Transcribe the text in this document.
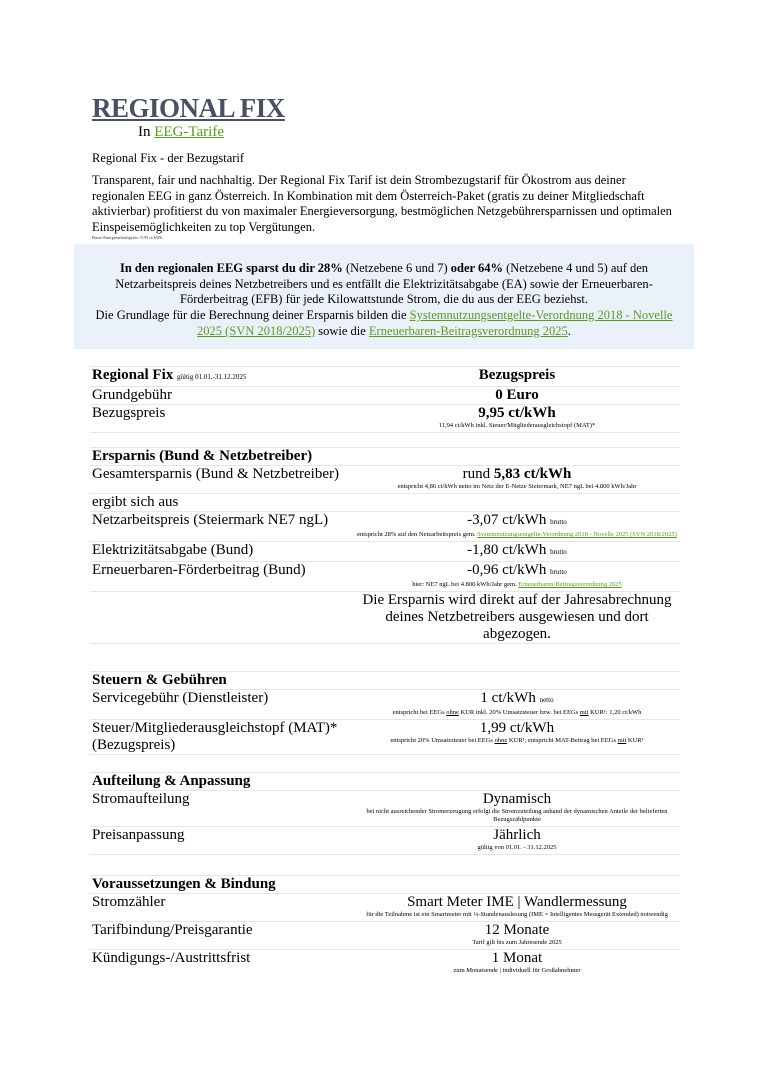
REGIONAL FIX

In EEG-Tarife

Regional Fix - der Bezugstarif

Transparent, fair und nachhaltig. Der Regional Fix Tarif ist dein Strombezugstarif für Ökostrom aus deiner regionalen EEG in ganz Österreich. In Kombination mit dem Österreich-Paket (gratis zu deiner Mitgliedschaft aktivierbar) profitierst du von maximaler Energieversorgung, bestmöglichen Netzgebührersparnissen und optimalen Einspeisemöglichkeiten zu top Vergütungen.

Basis-Energiearbeitspreis: 9,95 ct/kWh

In den regionalen EEG sparst du dir 28% (Netzebene 6 und 7) oder 64% (Netzebene 4 und 5) auf den Netzarbeitspreis deines Netzbetreibers und es entfällt die Elektrizitätsabgabe (EA) sowie der Erneuerbaren-Förderbeitrag (EFB) für jede Kilowattstunde Strom, die du aus der EEG beziehst.
Die Grundlage für die Berechnung deiner Ersparnis bilden die Systemnutzungsentgelte-Verordnung 2018 - Novelle 2025 (SVN 2018/2025) sowie die Erneuerbaren-Beitragsverordnung 2025.
Regional Fix gültig 01.01.-31.12.2025	Bezugspreis
Grundgebühr	0 Euro
Bezugspreis	9,95 ct/kWh
11,94 ct/kWh inkl. Steuer/Mitgliederausgleichstopf (MAT)*

Ersparnis (Bund & Netzbetreiber)	
Gesamtersparnis (Bund & Netzbetreiber)	rund 5,83 ct/kWh
entspricht 4,86 ct/kWh netto im Netz der E-Netze Steiermark, NE7 ngL bei 4.800 kWh/Jahr

ergibt sich aus	
Netzarbeitspreis (Steiermark NE7 ngL)	-3,07 ct/kWh brutto
entspricht 28% auf den Netzarbeitspreis gem. Systemnutzungsentgelte-Verordnung 2018 - Novelle 2025 (SVN 2018/2025)

Elektrizitätsabgabe (Bund)	-1,80 ct/kWh brutto
Erneuerbaren-Förderbeitrag (Bund)	-0,96 ct/kWh brutto
hier: NE7 ngL bei 4.800 kWh/Jahr gem. Erneuerbaren-Beitragsverordnung 2025

	Die Ersparnis wird direkt auf der Jahresabrechnung deines Netzbetreibers ausgewiesen und dort abgezogen.

Steuern & Gebühren	
Servicegebühr (Dienstleister)	1 ct/kWh netto
entspricht bei EEGs ohne KUR inkl. 20% Umsatzsteuer bzw. bei EEGs mit KUR¹: 1,20 ct/kWh

Steuer/Mitgliederausgleichstopf (MAT)* (Bezugspreis)	1,99 ct/kWh
entspricht 20% Umsatzsteuer bei EEGs ohne KUR¹; entspricht MAT-Beitrag bei EEGs mit KUR¹

Aufteilung & Anpassung	
Stromaufteilung	Dynamisch
bei nicht ausreichender Stromerzeugung erfolgt die Stromzuteilung anhand der dynamischen Anteile der belieferten Bezugszählpunkte

Preisanpassung	Jährlich
gültig von 01.01. - 31.12.2025

Voraussetzungen & Bindung	
Stromzähler	Smart Meter IME | Wandlermessung
für die Teilnahme ist ein Smartmeter mit ¼-Stundenauslesung (IME = Intelligentes Messgerät Extended) notwendig

Tarifbindung/Preisgarantie	12 Monate
Tarif gilt bis zum Jahresende 2025

Kündigungs-/Austrittsfrist	1 Monat
zum Monatsende | individuell für Großabnehmer
